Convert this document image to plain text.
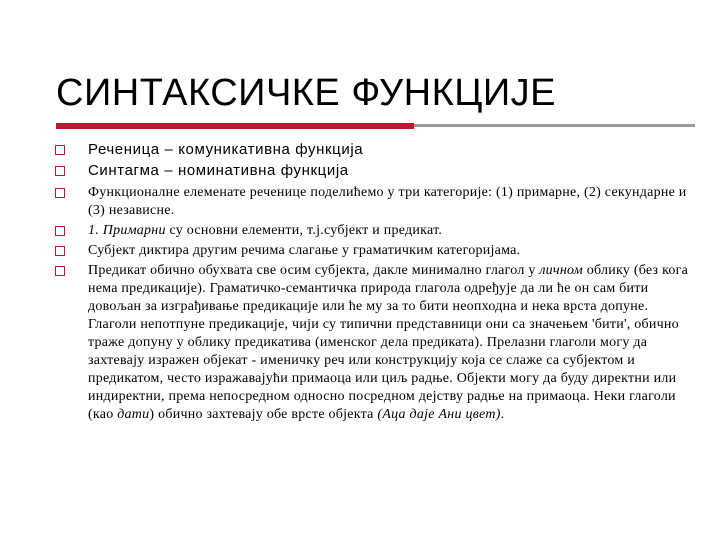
СИНТАКСИЧКЕ ФУНКЦИЈЕ
Реченица – комуникативна функција
Синтагма – номинативна функција
Функционалне елеменате реченице поделићемо у три категорије: (1) примарне, (2) секундарне и (3) независне.
1. Примарни су основни елементи, т.ј.субјект и предикат.
Субјект диктира другим речима слагање у граматичким категоријама.
Предикат обично обухвата све осим субјекта, дакле минимално глагол у личном облику (без кога нема предикације). Граматичко-семантичка природа глагола одређује да ли ће он сам бити довољан за изграђивање предикације или ће му за то бити неопходна и нека врста допуне. Глаголи непотпуне предикације, чији су типични представници они са значењем 'бити', обично траже допуну у облику предикатива (именског дела предиката). Прелазни глаголи могу да захтевају изражен објекат - именичку реч или конструкцију која се слаже са субјектом и предикатом, често изражавајући примаоца или циљ радње. Објекти могу да буду директни или индиректни, према непосредном односно посредном дејству радње на примаоца. Неки глаголи (као дати) обично захтевају обе врсте објекта (Аца даје Ани цвет).
